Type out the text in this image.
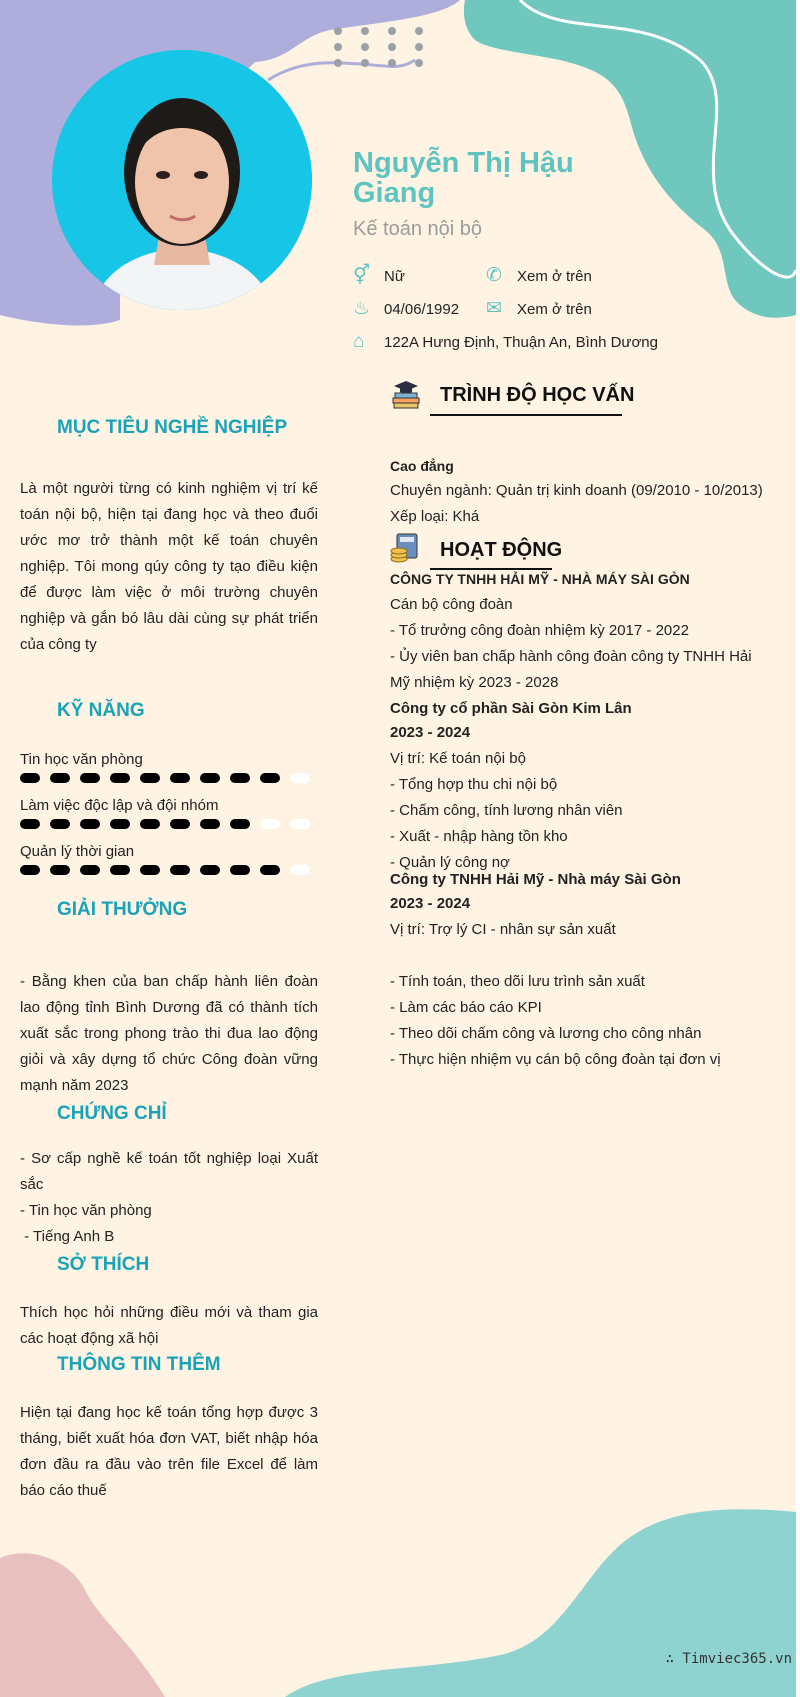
Nguyễn Thị Hậu Giang
Kế toán nội bộ
⚥ Nữ	✆	Xem ở trên
♨ 04/06/1992 ✉	Xem ở trên
⌂	122A Hưng Định, Thuận An, Bình Dương
MỤC TIÊU NGHỀ NGHIỆP

Là một người từng có kinh nghiệm vị trí kế toán nội bộ, hiện tại đang học và theo đuổi ước mơ trở thành một kế toán chuyên nghiệp. Tôi mong qúy công ty tạo điều kiện để được làm việc ở môi trường chuyên nghiệp và gắn bó lâu dài cùng sự phát triển của công ty

KỸ NĂNG
Tin học văn phòng
Làm việc độc lập và đội nhóm
Quản lý thời gian
GIẢI THƯỞNG

- Bằng khen của ban chấp hành liên đoàn lao động tỉnh Bình Dương đã có thành tích xuất sắc trong phong trào thi đua lao động giỏi và xây dựng tổ chức Công đoàn vững mạnh năm 2023

CHỨNG CHỈ

- Sơ cấp nghề kế toán tốt nghiệp loại Xuất sắc

- Tin học văn phòng

- Tiếng Anh B

SỞ THÍCH

Thích học hỏi những điều mới và tham gia các hoạt động xã hội

THÔNG TIN THÊM

Hiện tại đang học kế toán tổng hợp được 3 tháng, biết xuất hóa đơn VAT, biết nhập hóa đơn đầu ra đầu vào trên file Excel để làm báo cáo thuế

TRÌNH ĐỘ HỌC VẤN
Cao đẳng
Chuyên ngành: Quản trị kinh doanh (09/2010 - 10/2013)
Xếp loại: Khá
HOẠT ĐỘNG
CÔNG TY TNHH HẢI MỸ - NHÀ MÁY SÀI GÒN
Cán bộ công đoàn
- Tổ trưởng công đoàn nhiệm kỳ 2017 - 2022
- Ủy viên ban chấp hành công đoàn công ty TNHH Hải
Mỹ nhiệm kỳ 2023 - 2028
Công ty cổ phần Sài Gòn Kim Lân
2023 - 2024
Vị trí: Kế toán nội bộ
- Tổng hợp thu chi nội bộ
- Chấm công, tính lương nhân viên
- Xuất - nhập hàng tồn kho
- Quản lý công nợ
Công ty TNHH Hải Mỹ - Nhà máy Sài Gòn
2023 - 2024
Vị trí: Trợ lý CI - nhân sự sản xuất
- Tính toán, theo dõi lưu trình sản xuất
- Làm các báo cáo KPI
- Theo dõi chấm công và lương cho công nhân
- Thực hiện nhiệm vụ cán bộ công đoàn tại đơn vị
∴ Timviec365.vn
